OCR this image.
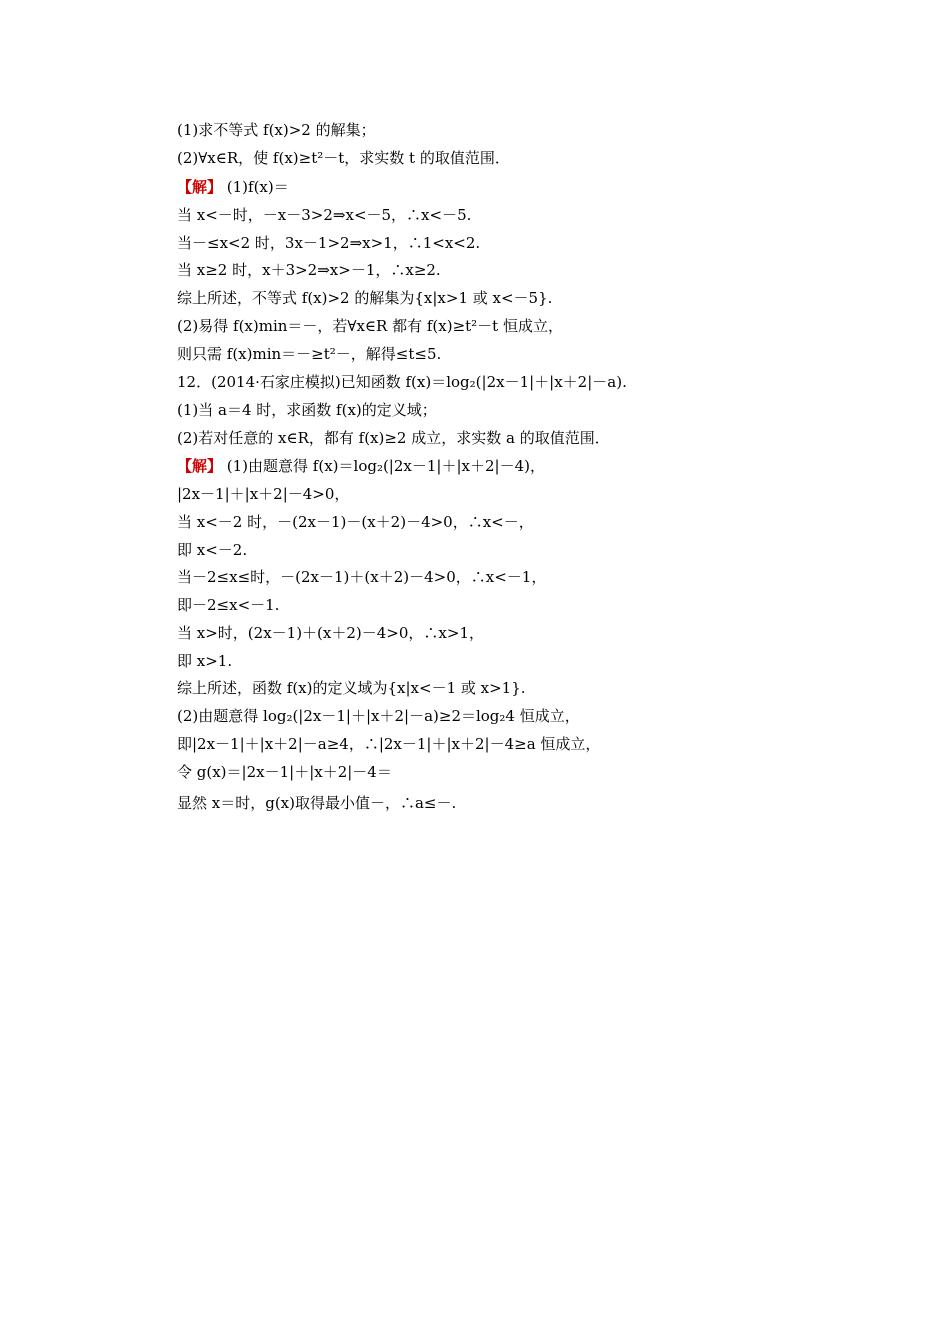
(1)求不等式 f(x)>2 的解集；
(2)∀x∈R，使 f(x)≥t²－t，求实数 t 的取值范围．
【解】 (1)f(x)＝
当 x<－时，－x－3>2⇒x<－5，∴x<－5.
当－≤x<2 时，3x－1>2⇒x>1，∴1<x<2.
当 x≥2 时，x＋3>2⇒x>－1，∴x≥2.
综上所述，不等式 f(x)>2 的解集为{x|x>1 或 x<－5}.
(2)易得 f(x)min＝－，若∀x∈R 都有 f(x)≥t²－t 恒成立，
则只需 f(x)min＝－≥t²－，解得≤t≤5.
12．(2014·石家庄模拟)已知函数 f(x)＝log₂(|2x－1|＋|x＋2|－a).
(1)当 a＝4 时，求函数 f(x)的定义域；
(2)若对任意的 x∈R，都有 f(x)≥2 成立，求实数 a 的取值范围．
【解】 (1)由题意得 f(x)＝log₂(|2x－1|＋|x＋2|－4)，
|2x－1|＋|x＋2|－4>0，
当 x<－2 时，－(2x－1)－(x＋2)－4>0，∴x<－，
即 x<－2.
当－2≤x≤时，－(2x－1)＋(x＋2)－4>0，∴x<－1，
即－2≤x<－1.
当 x>时，(2x－1)＋(x＋2)－4>0，∴x>1，
即 x>1.
综上所述，函数 f(x)的定义域为{x|x<－1 或 x>1}.
(2)由题意得 log₂(|2x－1|＋|x＋2|－a)≥2＝log₂4 恒成立，
即|2x－1|＋|x＋2|－a≥4，∴|2x－1|＋|x＋2|－4≥a 恒成立，
令 g(x)＝|2x－1|＋|x＋2|－4＝
显然 x＝时，g(x)取得最小值－，∴a≤－.
